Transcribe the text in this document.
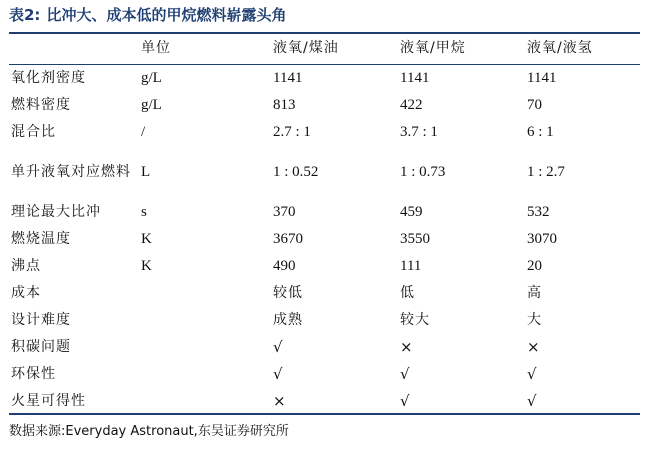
表2: 比冲大、成本低的甲烷燃料崭露头角
	单位	液氧/煤油	液氧/甲烷	液氧/液氢
氧化剂密度	g/L	1141	1141	1141
燃料密度	g/L	813	422	70
混合比	/	2.7 : 1	3.7 : 1	6 : 1
单升液氧对应燃料	L	1 : 0.52	1 : 0.73	1 : 2.7
理论最大比冲	s	370	459	532
燃烧温度	K	3670	3550	3070
沸点	K	490	111	20
成本		较低	低	高
设计难度		成熟	较大	大
积碳问题		√	×	×
环保性		√	√	√
火星可得性		×	√	√
数据来源:Everyday Astronaut,东吴证券研究所
